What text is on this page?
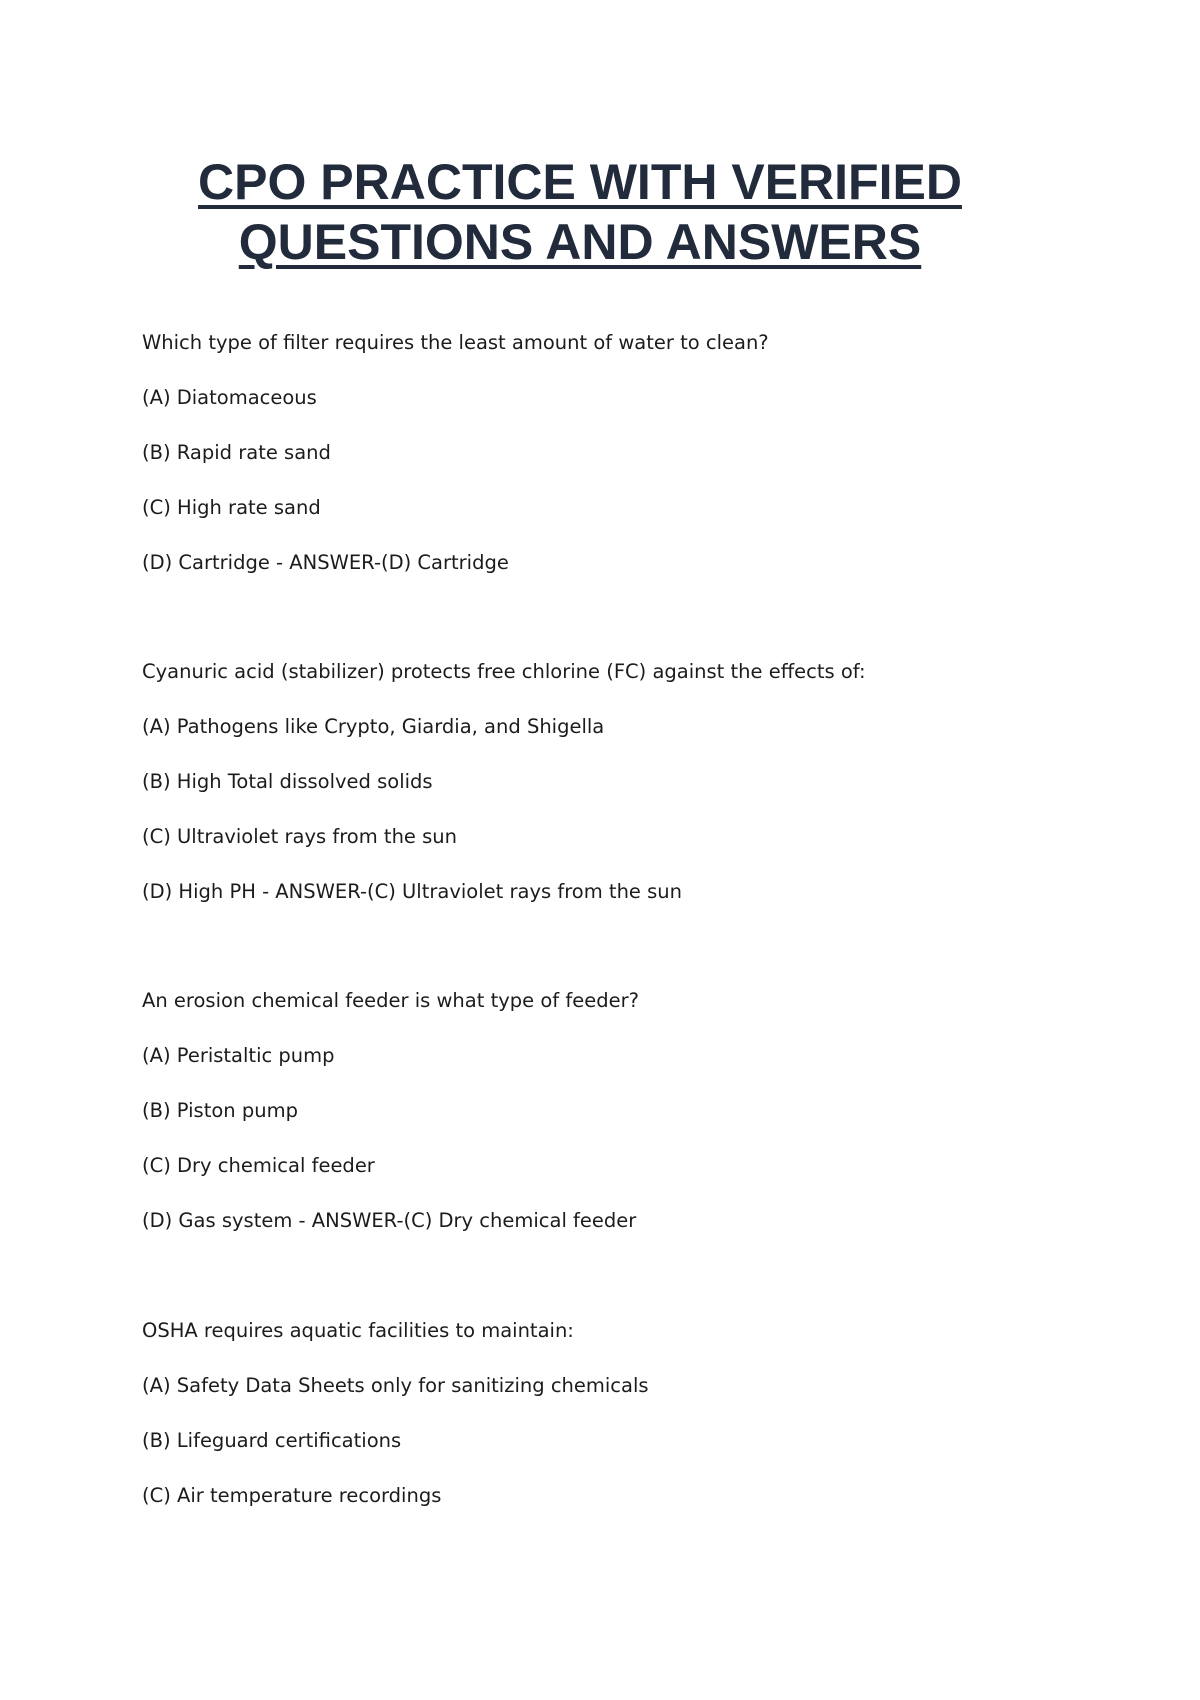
CPO PRACTICE WITH VERIFIED
QUESTIONS AND ANSWERS
Which type of filter requires the least amount of water to clean?
(A) Diatomaceous
(B) Rapid rate sand
(C) High rate sand
(D) Cartridge - ANSWER-(D) Cartridge
Cyanuric acid (stabilizer) protects free chlorine (FC) against the effects of:
(A) Pathogens like Crypto, Giardia, and Shigella
(B) High Total dissolved solids
(C) Ultraviolet rays from the sun
(D) High PH - ANSWER-(C) Ultraviolet rays from the sun
An erosion chemical feeder is what type of feeder?
(A) Peristaltic pump
(B) Piston pump
(C) Dry chemical feeder
(D) Gas system - ANSWER-(C) Dry chemical feeder
OSHA requires aquatic facilities to maintain:
(A) Safety Data Sheets only for sanitizing chemicals
(B) Lifeguard certifications
(C) Air temperature recordings
